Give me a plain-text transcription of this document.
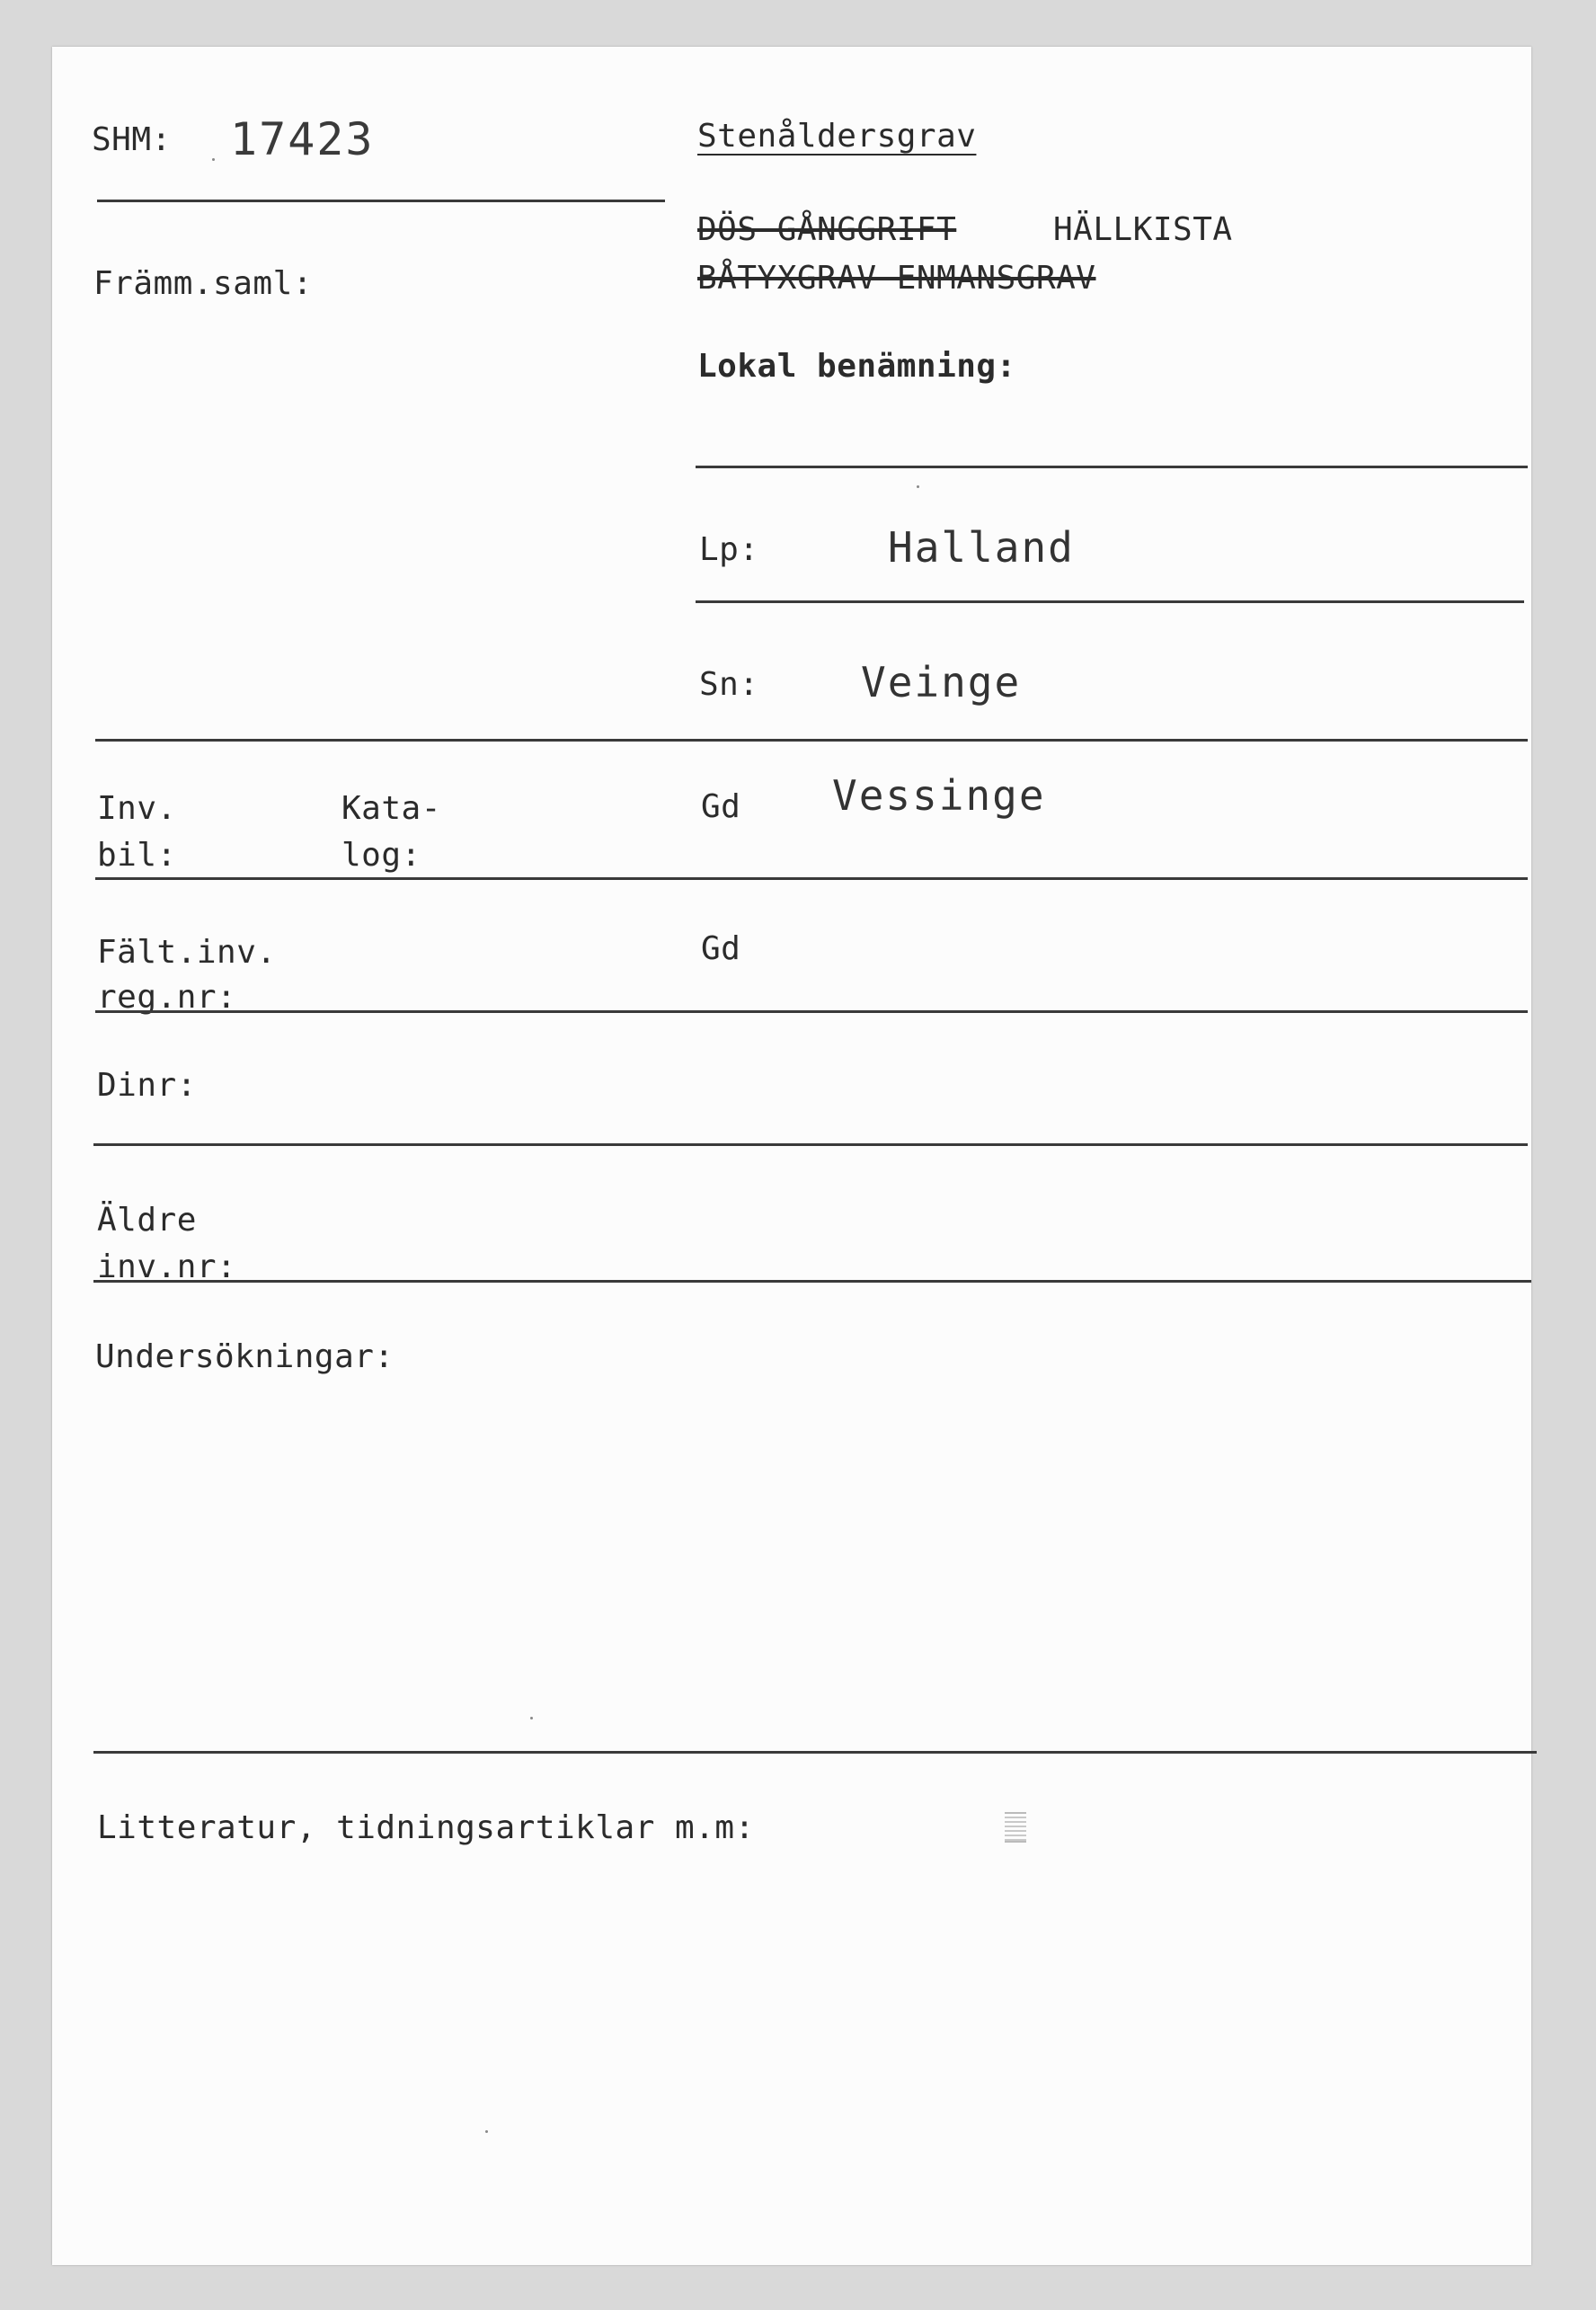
SHM: 17423	Stenåldersgrav
DÖS GÅNGGRIFT	HÄLLKISTA
BÅTYXGRAV ENMANSGRAV
Främm.saml:
Lokal benämning:
Lp:	Halland
Sn: Veinge
Inv.
bil:
Kata-
log:
Gd Vessinge
Fält.inv.
reg.nr:
Gd
Dinr:
Äldre
inv.nr:
Undersökningar:
Litteratur, tidningsartiklar m.m:
